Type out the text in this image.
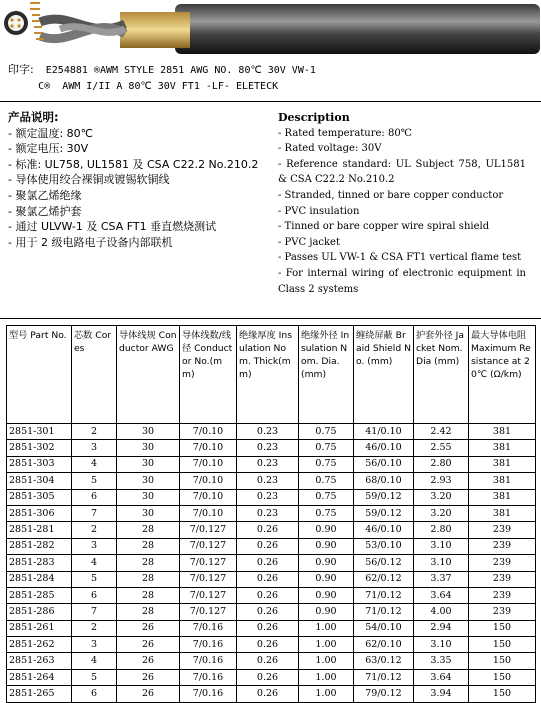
印字: E254881 ®AWM STYLE 2851 AWG NO. 80℃ 30V VW-1
C®  AWM I/II A 80℃ 30V FT1 -LF- ELETECK
产品说明:
- 额定温度: 80℃
- 额定电压: 30V
- 标准: UL758, UL1581 及 CSA C22.2 No.210.2
- 导体使用绞合裸铜或镀锡软铜线
- 聚氯乙烯绝缘
- 聚氯乙烯护套
- 通过 ULVW-1 及 CSA FT1 垂直燃烧测试
- 用于 2 级电路电子设备内部联机
Description
- Rated temperature: 80℃
- Rated voltage: 30V
- Reference standard: UL Subject 758, UL1581 & CSA C22.2 No.210.2
- Stranded, tinned or bare copper conductor
- PVC insulation
- Tinned or bare copper wire spiral shield
- PVC jacket
- Passes UL VW-1 & CSA FT1 vertical flame test
- For internal wiring of electronic equipment in Class 2 systems
型号 Part No.	芯数 Cores	导体线规 Conductor AWG	导体线数/线径 Conductor No.(mm)	绝缘厚度 Insulation Nom. Thick(mm)	绝缘外径 Insulation Nom. Dia. (mm)	缠绕屏蔽 Braid Shield No. (mm)	护套外径 Jacket Nom. Dia (mm)	最大导体电阻 Maximum Resistance at 20℃ (Ω/km)
2851-301	2	30	7/0.10	0.23	0.75	41/0.10	2.42	381
2851-302	3	30	7/0.10	0.23	0.75	46/0.10	2.55	381
2851-303	4	30	7/0.10	0.23	0.75	56/0.10	2.80	381
2851-304	5	30	7/0.10	0.23	0.75	68/0.10	2.93	381
2851-305	6	30	7/0.10	0.23	0.75	59/0.12	3.20	381
2851-306	7	30	7/0.10	0.23	0.75	59/0.12	3.20	381
2851-281	2	28	7/0.127	0.26	0.90	46/0.10	2.80	239
2851-282	3	28	7/0.127	0.26	0.90	53/0.10	3.10	239
2851-283	4	28	7/0.127	0.26	0.90	56/0.12	3.10	239
2851-284	5	28	7/0.127	0.26	0.90	62/0.12	3.37	239
2851-285	6	28	7/0.127	0.26	0.90	71/0.12	3.64	239
2851-286	7	28	7/0.127	0.26	0.90	71/0.12	4.00	239
2851-261	2	26	7/0.16	0.26	1.00	54/0.10	2.94	150
2851-262	3	26	7/0.16	0.26	1.00	62/0.10	3.10	150
2851-263	4	26	7/0.16	0.26	1.00	63/0.12	3.35	150
2851-264	5	26	7/0.16	0.26	1.00	71/0.12	3.64	150
2851-265	6	26	7/0.16	0.26	1.00	79/0.12	3.94	150
